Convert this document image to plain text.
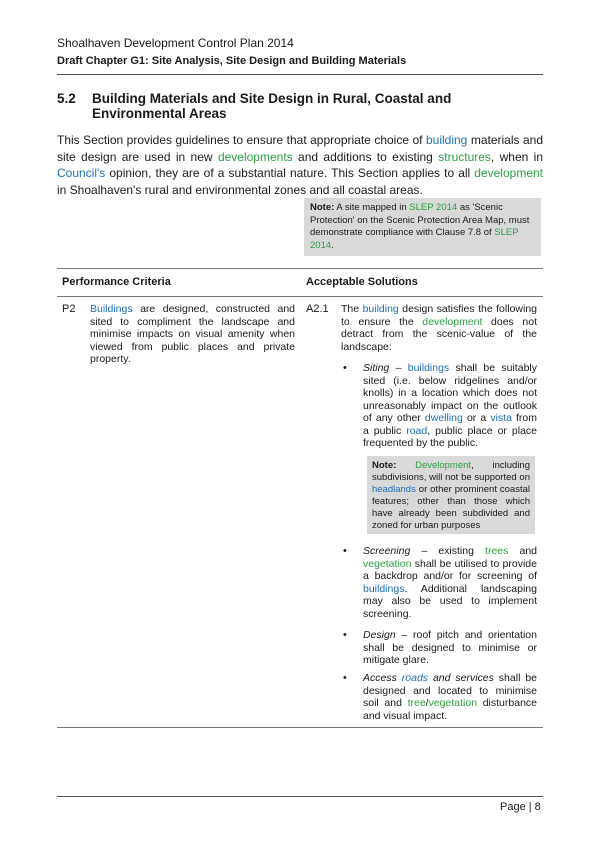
Shoalhaven Development Control Plan 2014
Draft Chapter G1: Site Analysis, Site Design and Building Materials
5.2 Building Materials and Site Design in Rural, Coastal and Environmental Areas
This Section provides guidelines to ensure that appropriate choice of building materials and site design are used in new developments and additions to existing structures, when in Council's opinion, they are of a substantial nature. This Section applies to all development in Shoalhaven's rural and environmental zones and all coastal areas.
Note: A site mapped in SLEP 2014 as 'Scenic Protection' on the Scenic Protection Area Map, must demonstrate compliance with Clause 7.8 of SLEP 2014.
Performance Criteria	Acceptable Solutions
P2 Buildings are designed, constructed and sited to compliment the landscape and minimise impacts on visual amenity when viewed from public places and private property.
A2.1 The building design satisfies the following to ensure the development does not detract from the scenic-value of the landscape:
• Siting – buildings shall be suitably sited (i.e. below ridgelines and/or knolls) in a location which does not unreasonably impact on the outlook of any other dwelling or a vista from a public road, public place or place frequented by the public.
Note: Development, including subdivisions, will not be supported on headlands or other prominent coastal features; other than those which have already been subdivided and zoned for urban purposes
• Screening – existing trees and vegetation shall be utilised to provide a backdrop and/or for screening of buildings. Additional landscaping may also be used to implement screening.
• Design – roof pitch and orientation shall be designed to minimise or mitigate glare.
• Access roads and services shall be designed and located to minimise soil and tree/vegetation disturbance and visual impact.
Page | 8
